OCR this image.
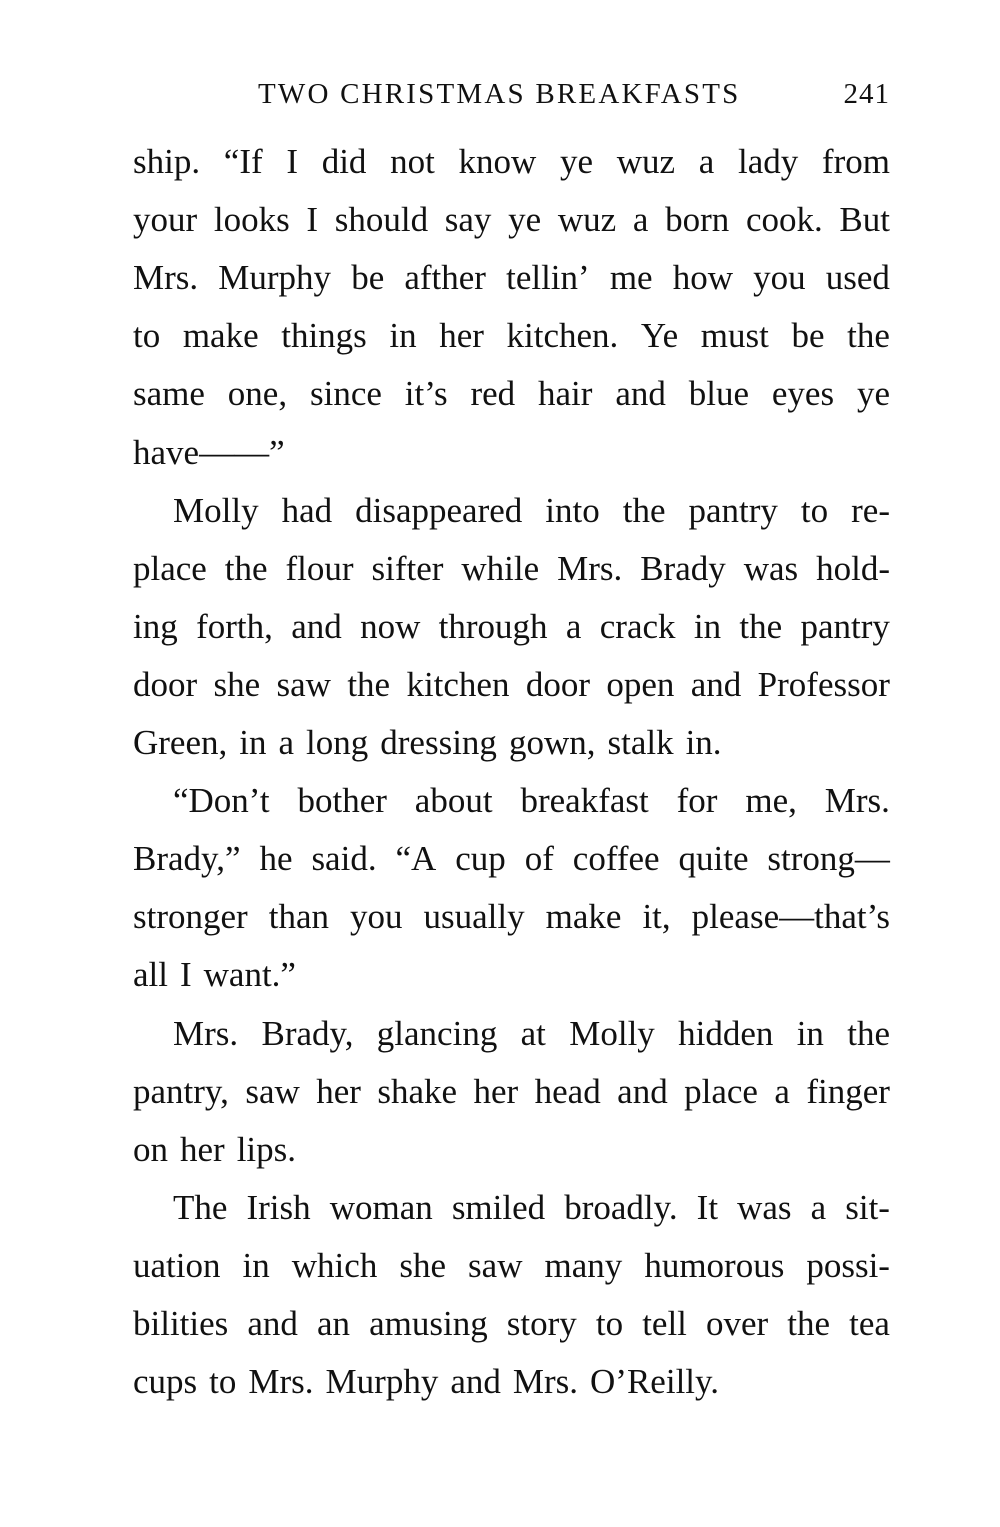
TWO CHRISTMAS BREAKFASTS	241
ship. “If I did not know ye wuz a lady from
your looks I should say ye wuz a born cook. But
Mrs. Murphy be afther tellin’ me how you used
to make things in her kitchen. Ye must be the
same one, since it’s red hair and blue eyes ye
have——”
Molly had disappeared into the pantry to re-
place the flour sifter while Mrs. Brady was hold-
ing forth, and now through a crack in the pantry
door she saw the kitchen door open and Professor
Green, in a long dressing gown, stalk in.
“Don’t bother about breakfast for me, Mrs.
Brady,” he said. “A cup of coffee quite strong—
stronger than you usually make it, please—that’s
all I want.”
Mrs. Brady, glancing at Molly hidden in the
pantry, saw her shake her head and place a finger
on her lips.
The Irish woman smiled broadly. It was a sit-
uation in which she saw many humorous possi-
bilities and an amusing story to tell over the tea
cups to Mrs. Murphy and Mrs. O’Reilly.
